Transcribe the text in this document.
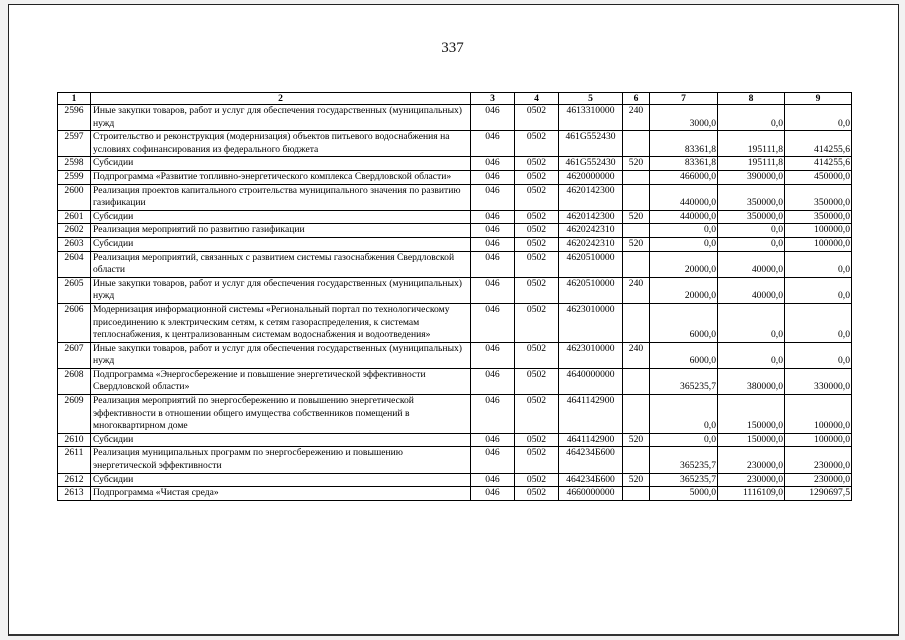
337
1	2	3	4	5	6	7	8	9
2596	Иные закупки товаров, работ и услуг для обеспечения государственных (муниципальных) нужд	046	0502	4613310000	240	3000,0	0,0	0,0
2597	Строительство и реконструкция (модернизация) объектов питьевого водоснабжения на условиях софинансирования из федерального бюджета	046	0502	461G552430		83361,8	195111,8	414255,6
2598	Субсидии	046	0502	461G552430	520	83361,8	195111,8	414255,6
2599	Подпрограмма «Развитие топливно-энергетического комплекса Свердловской области»	046	0502	4620000000		466000,0	390000,0	450000,0
2600	Реализация проектов капитального строительства муниципального значения по развитию газификации	046	0502	4620142300		440000,0	350000,0	350000,0
2601	Субсидии	046	0502	4620142300	520	440000,0	350000,0	350000,0
2602	Реализация мероприятий по развитию газификации	046	0502	4620242310		0,0	0,0	100000,0
2603	Субсидии	046	0502	4620242310	520	0,0	0,0	100000,0
2604	Реализация мероприятий, связанных с развитием системы газоснабжения Свердловской области	046	0502	4620510000		20000,0	40000,0	0,0
2605	Иные закупки товаров, работ и услуг для обеспечения государственных (муниципальных) нужд	046	0502	4620510000	240	20000,0	40000,0	0,0
2606	Модернизация информационной системы «Региональный портал по технологическому присоединению к электрическим сетям, к сетям газораспределения, к системам теплоснабжения, к централизованным системам водоснабжения и водоотведения»	046	0502	4623010000		6000,0	0,0	0,0
2607	Иные закупки товаров, работ и услуг для обеспечения государственных (муниципальных) нужд	046	0502	4623010000	240	6000,0	0,0	0,0
2608	Подпрограмма «Энергосбережение и повышение энергетической эффективности Свердловской области»	046	0502	4640000000		365235,7	380000,0	330000,0
2609	Реализация мероприятий по энергосбережению и повышению энергетической эффективности в отношении общего имущества собственников помещений в многоквартирном доме	046	0502	4641142900		0,0	150000,0	100000,0
2610	Субсидии	046	0502	4641142900	520	0,0	150000,0	100000,0
2611	Реализация муниципальных программ по энергосбережению и повышению энергетической эффективности	046	0502	464234Б600		365235,7	230000,0	230000,0
2612	Субсидии	046	0502	464234Б600	520	365235,7	230000,0	230000,0
2613	Подпрограмма «Чистая среда»	046	0502	4660000000		5000,0	1116109,0	1290697,5
